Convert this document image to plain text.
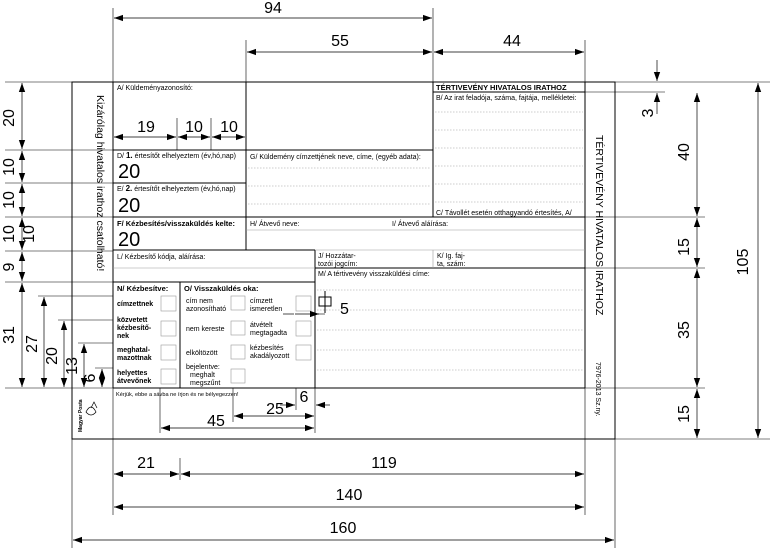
94
55	44
20
10
10
10 10
9
31
27
20
13
6
3
40
15
35
15
105
45
25
6
21	119
140
160
19 10 10
Kizárólag hivatalos irathoz csatolható!	TÉRTIVEVÉNY HIVATALOS IRATHOZ
7976-2013 Sz.ny.
Magyar Posta
A/ Küldeményazonosító:
D/ 1. értesítőt elhelyeztem (év,hó,nap)
20
E/ 2. értesítőt elhelyeztem (év,hó,nap)
20
F/ Kézbesítés/visszaküldés kelte:
20
G/ Küldemény címzettjének neve, címe, (egyéb adata):
TÉRTIVEVÉNY HIVATALOS IRATHOZ
B/ Az irat feladója, száma, fajtája, mellékletei:
C/ Távollét esetén otthagyandó értesítés, A/
H/ Átvevő neve:	I/ Átvevő aláírása:
J/ Hozzátar-
tozói jogcím:
K/ Ig. faj-
ta, szám:
L/ Kézbesítő kódja, aláírása:
M/ A tértivevény visszaküldési címe:
N/ Kézbesítve:
címzettnek
közvetett
kézbesítő-
nek
meghatal-
mazottnak
helyettes
átvevőnek
O/ Visszaküldés oka:
cím nem
azonosítható
nem kereste
elköltözött
bejelentve:
meghalt
megszűnt
címzett
ismeretlen
átvételt
megtagadta
kézbesítés
akadályozott
5
Kérjük, ebbe a sávba ne írjon és ne bélyegezzen!
